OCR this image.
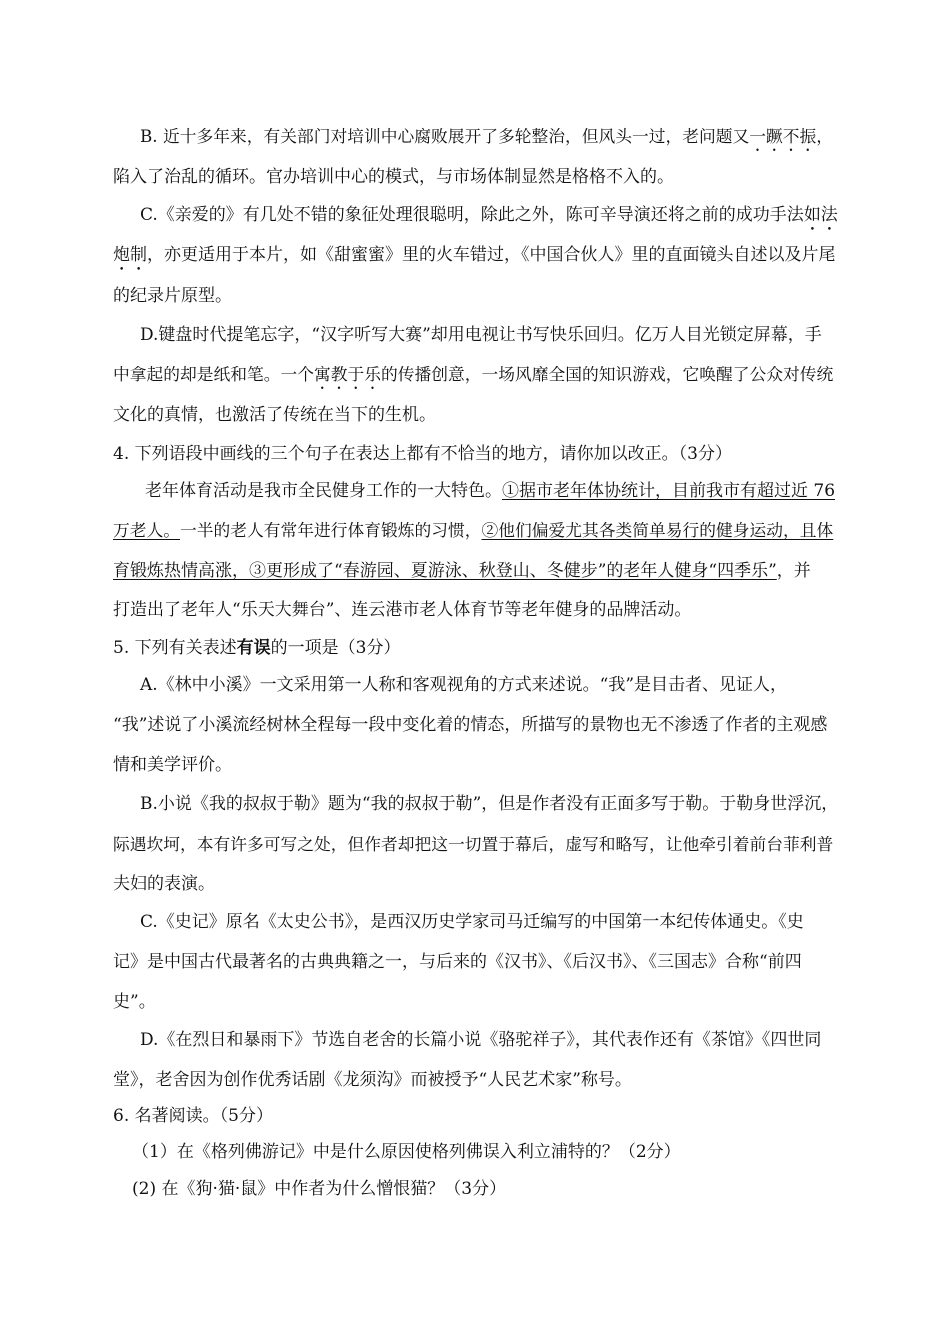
B. 近十多年来，有关部门对培训中心腐败展开了多轮整治，但风头一过，老问题又一蹶不振，
陷入了治乱的循环。官办培训中心的模式，与市场体制显然是格格不入的。
C.《亲爱的》有几处不错的象征处理很聪明，除此之外，陈可辛导演还将之前的成功手法如法
炮制，亦更适用于本片，如《甜蜜蜜》里的火车错过，《中国合伙人》里的直面镜头自述以及片尾
的纪录片原型。
D.键盘时代提笔忘字，“汉字听写大赛”却用电视让书写快乐回归。亿万人目光锁定屏幕，手
中拿起的却是纸和笔。一个寓教于乐的传播创意，一场风靡全国的知识游戏，它唤醒了公众对传统
文化的真情，也激活了传统在当下的生机。
4. 下列语段中画线的三个句子在表达上都有不恰当的地方，请你加以改正。（3分）
老年体育活动是我市全民健身工作的一大特色。①据市老年体协统计，目前我市有超过近 76
万老人。一半的老人有常年进行体育锻炼的习惯，②他们偏爱尤其各类简单易行的健身运动，且体
育锻炼热情高涨，③更形成了“春游园、夏游泳、秋登山、冬健步”的老年人健身“四季乐”，并
打造出了老年人“乐天大舞台”、连云港市老人体育节等老年健身的品牌活动。
5. 下列有关表述有误的一项是（3分）
A.《林中小溪》一文采用第一人称和客观视角的方式来述说。“我”是目击者、见证人，
“我”述说了小溪流经树林全程每一段中变化着的情态，所描写的景物也无不渗透了作者的主观感
情和美学评价。
B.小说《我的叔叔于勒》题为“我的叔叔于勒”，但是作者没有正面多写于勒。于勒身世浮沉，
际遇坎坷，本有许多可写之处，但作者却把这一切置于幕后，虚写和略写，让他牵引着前台菲利普
夫妇的表演。
C.《史记》原名《太史公书》，是西汉历史学家司马迁编写的中国第一本纪传体通史。《史
记》是中国古代最著名的古典典籍之一，与后来的《汉书》、《后汉书》、《三国志》合称“前四
史”。
D.《在烈日和暴雨下》节选自老舍的长篇小说《骆驼祥子》，其代表作还有《茶馆》《四世同
堂》，老舍因为创作优秀话剧《龙须沟》而被授予“人民艺术家”称号。
6. 名著阅读。（5分）
（1）在《格列佛游记》中是什么原因使格列佛误入利立浦特的？（2分）
(2) 在《狗·猫·鼠》中作者为什么憎恨猫？（3分）
